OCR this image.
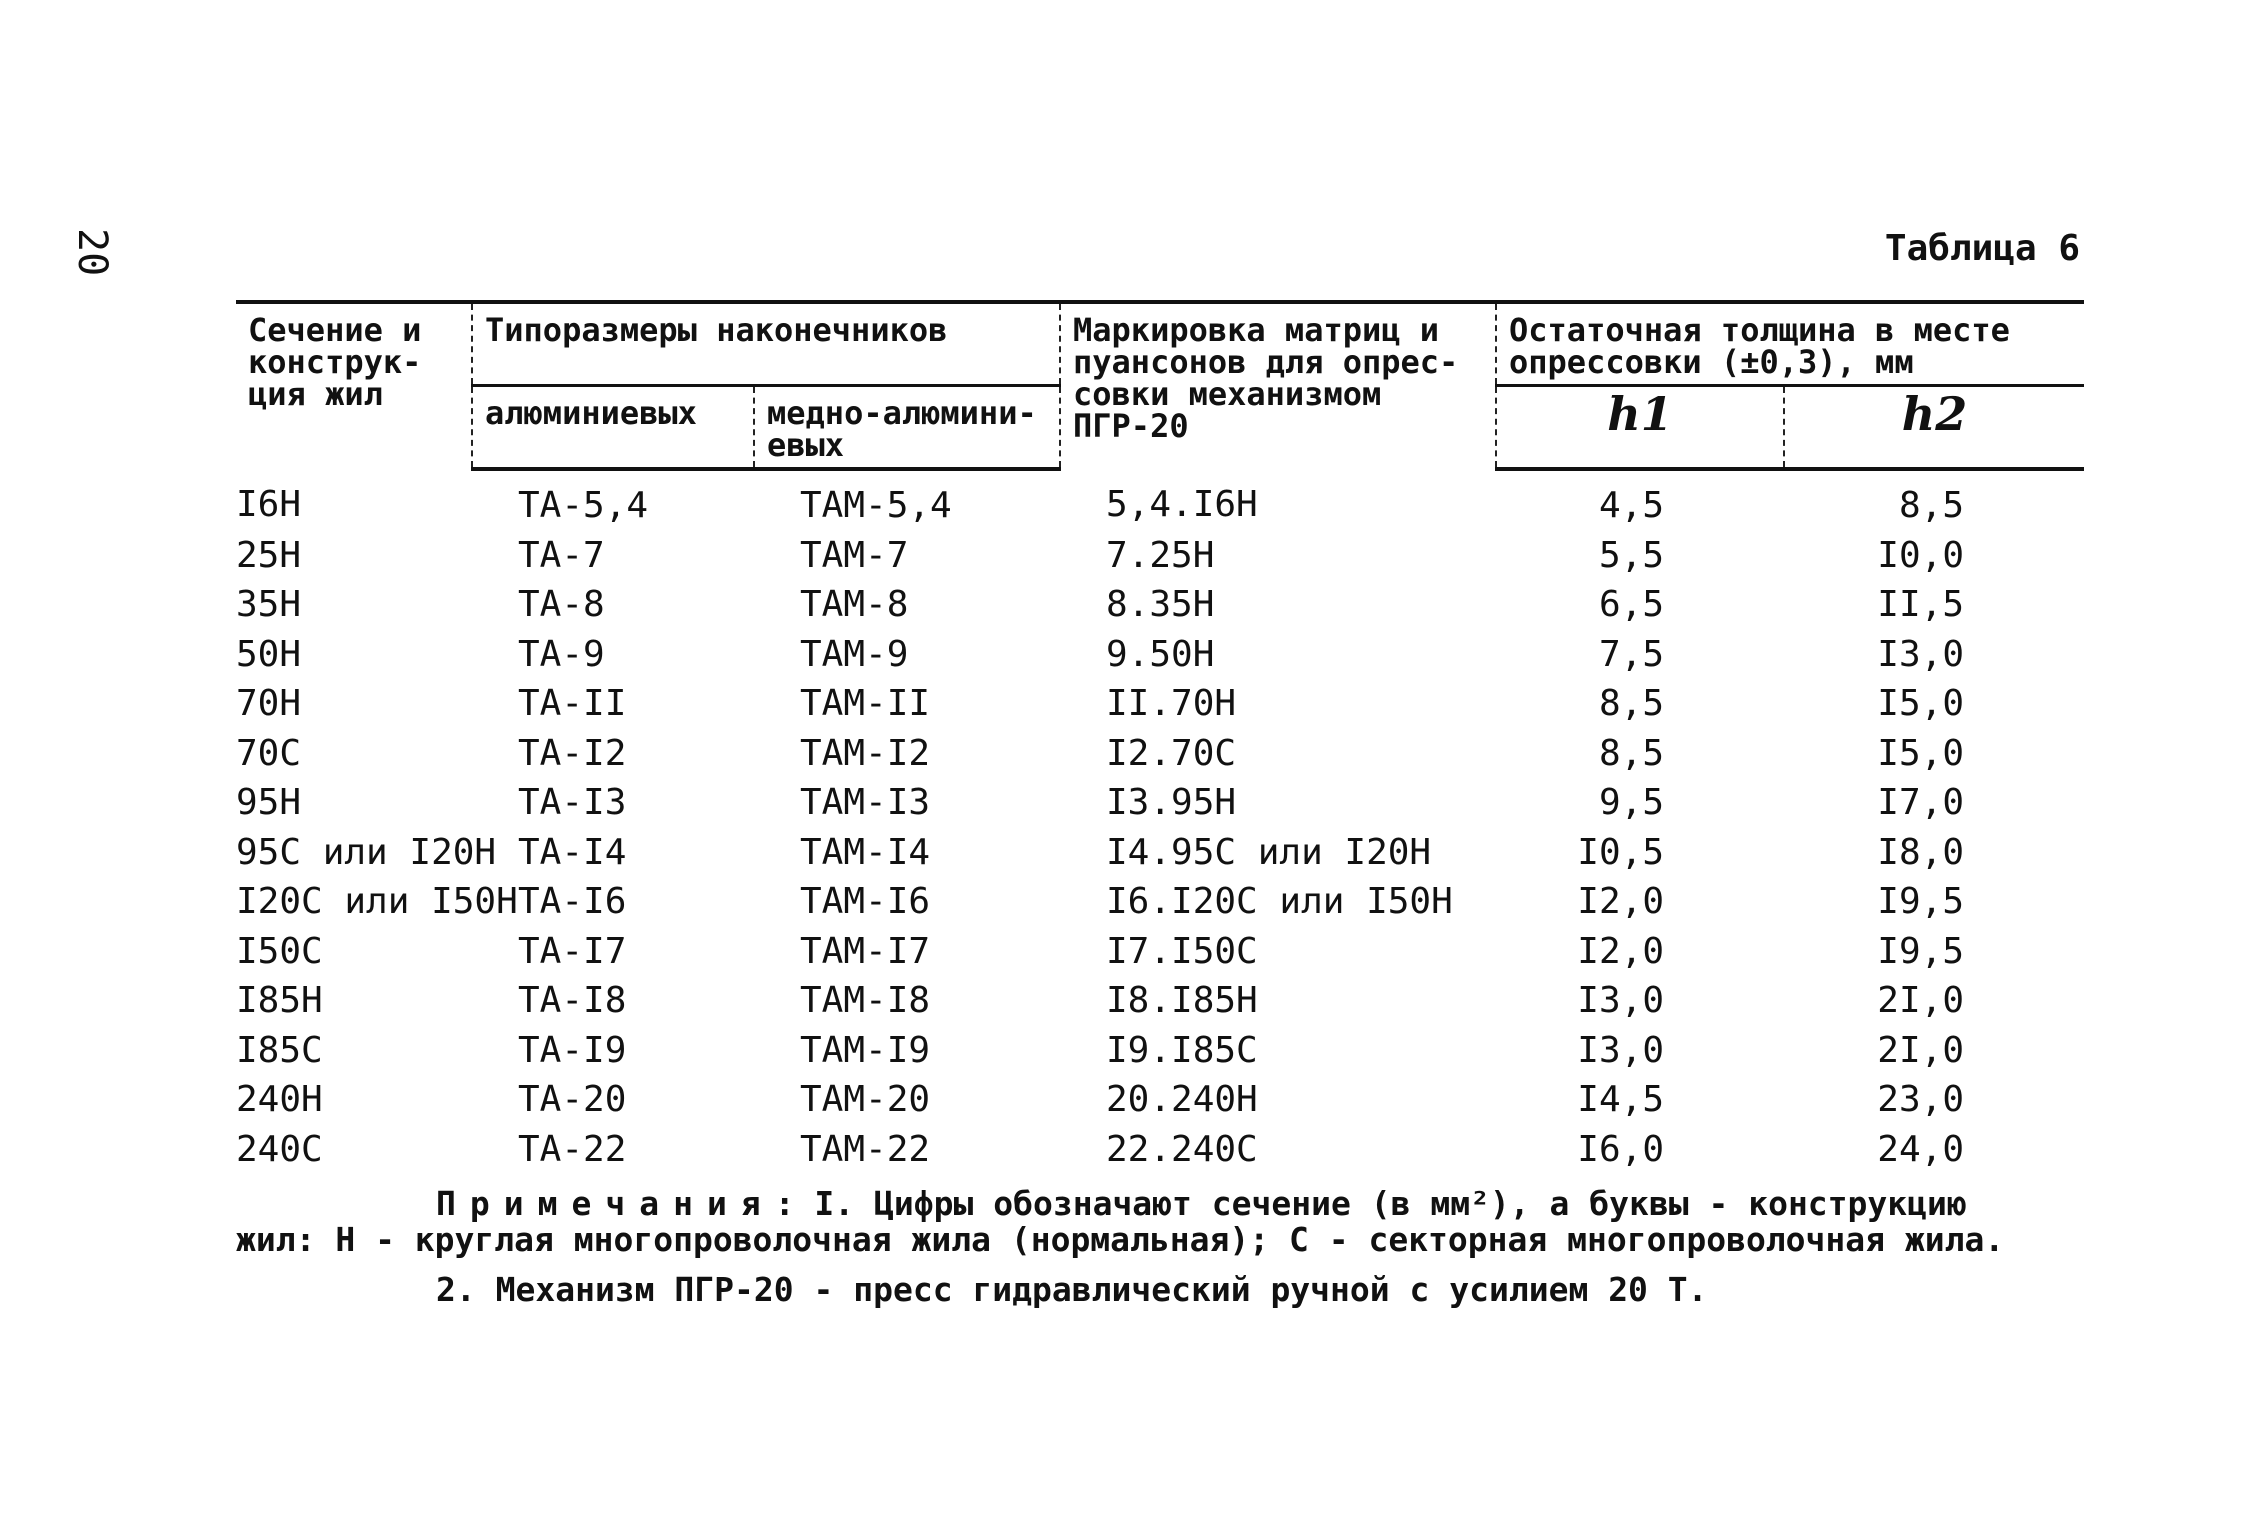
20	Таблица 6
Сечение и конструк-ция жил	Типоразмеры наконечников		Маркировка матриц и пуансонов для опрес-совки механизмом ПГР-20	Остаточная толщина в месте опрессовки (±0,3), мм	
	алюминиевых	медно-алюмини-евых		h1	h2
I6H	ТА-5,4	ТАМ-5,4	5,4.I6H	4,5	8,5
25H	ТА-7	ТАМ-7	7.25H	5,5	I0,0
35H	ТА-8	ТАМ-8	8.35H	6,5	II,5
50H	ТА-9	ТАМ-9	9.50H	7,5	I3,0
70H	ТА-II	ТАМ-II	II.70H	8,5	I5,0
70C	ТА-I2	ТАМ-I2	I2.70C	8,5	I5,0
95H	ТА-I3	ТАМ-I3	I3.95H	9,5	I7,0
95C или I20H	ТА-I4	ТАМ-I4	I4.95C или I20H	I0,5	I8,0
I20C или I50H	ТА-I6	ТАМ-I6	I6.I20C или I50H	I2,0	I9,5
I50C	ТА-I7	ТАМ-I7	I7.I50C	I2,0	I9,5
I85H	ТА-I8	ТАМ-I8	I8.I85H	I3,0	2I,0
I85C	ТА-I9	ТАМ-I9	I9.I85C	I3,0	2I,0
240H	ТА-20	ТАМ-20	20.240H	I4,5	23,0
240C	ТА-22	ТАМ-22	22.240C	I6,0	24,0
Примечания: I. Цифры обозначают сечение (в мм²), а буквы - конструкцию
жил: Н - круглая многопроволочная жила (нормальная); С - секторная многопроволочная жила.
2. Механизм ПГР-20 - пресс гидравлический ручной с усилием 20 Т.
